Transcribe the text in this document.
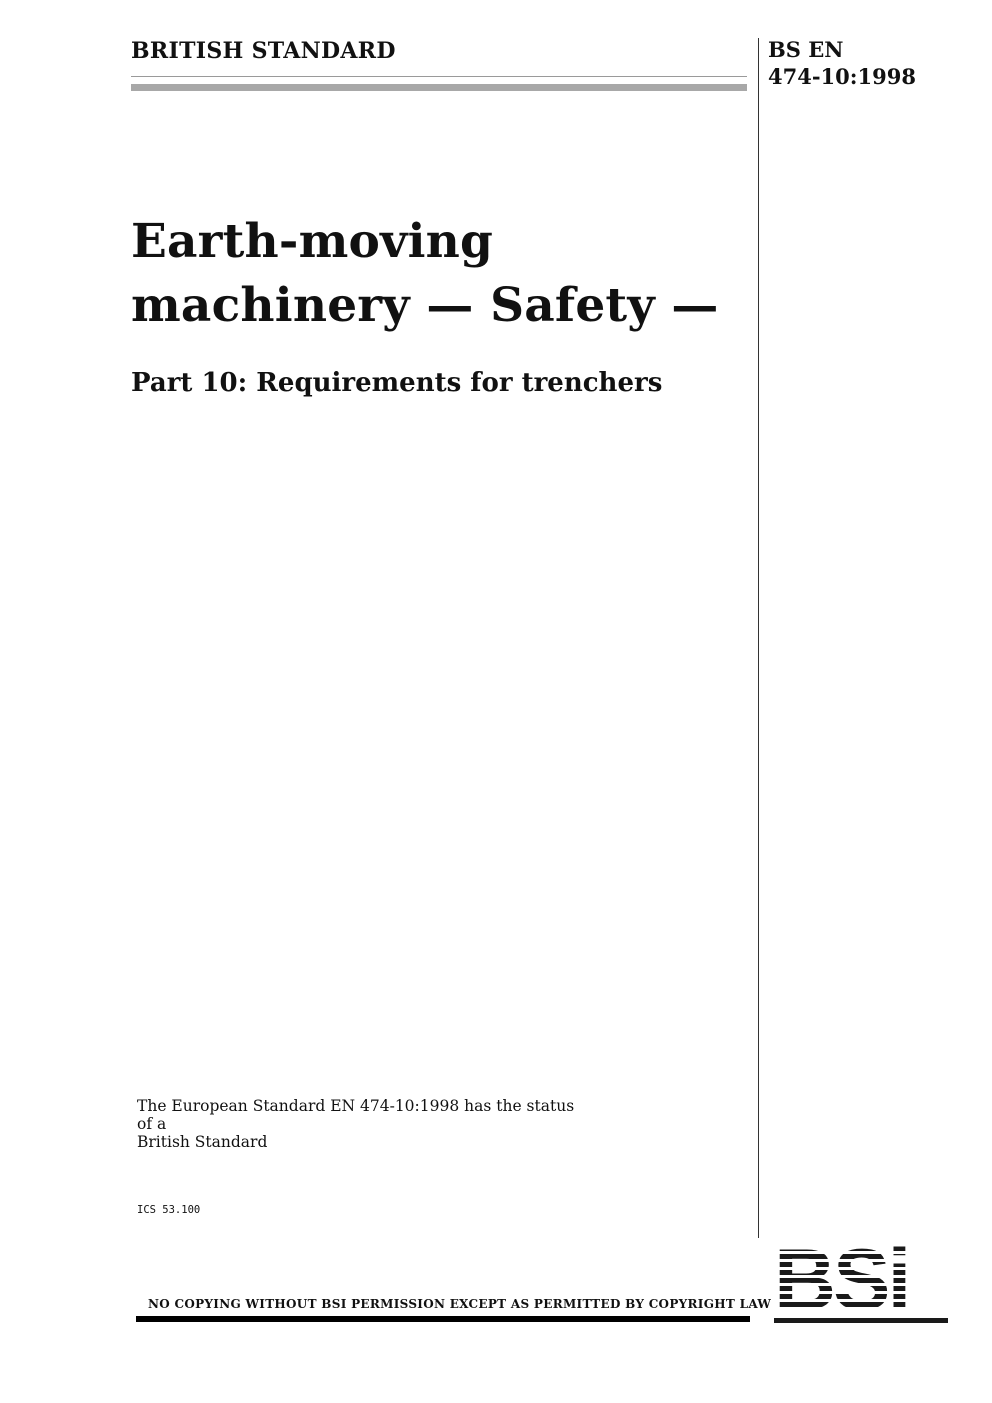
BRITISH STANDARD	BS EN
474-10:1998
Earth-moving
machinery — Safety —
Part 10: Requirements for trenchers
The European Standard EN 474-10:1998 has the status of a
British Standard
ICS 53.100
NO COPYING WITHOUT BSI PERMISSION EXCEPT AS PERMITTED BY COPYRIGHT LAW
